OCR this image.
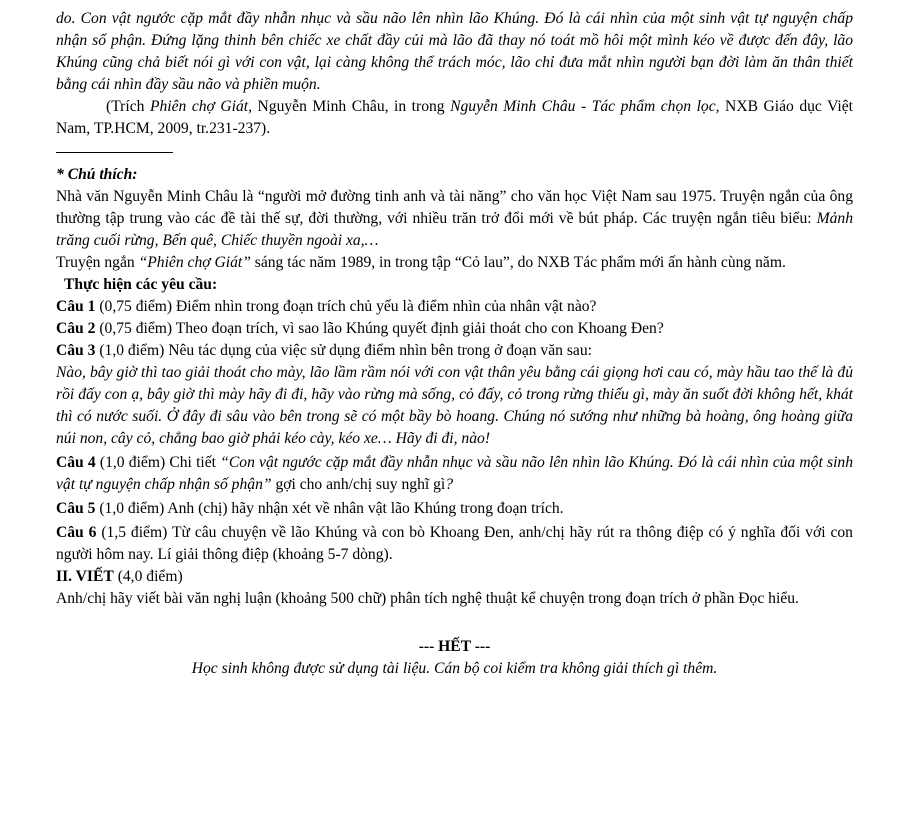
do. Con vật ngước cặp mắt đầy nhẫn nhục và sầu não lên nhìn lão Khúng. Đó là cái nhìn của một sinh vật tự nguyện chấp nhận số phận. Đứng lặng thinh bên chiếc xe chất đầy củi mà lão đã thay nó toát mồ hôi một mình kéo về được đến đây, lão Khúng cũng chả biết nói gì với con vật, lại càng không thể trách móc, lão chỉ đưa mắt nhìn người bạn đời làm ăn thân thiết bằng cái nhìn đầy sầu não và phiền muộn.

(Trích Phiên chợ Giát, Nguyễn Minh Châu, in trong Nguyễn Minh Châu - Tác phẩm chọn lọc, NXB Giáo dục Việt Nam, TP.HCM, 2009, tr.231-237).

* Chú thích:

Nhà văn Nguyễn Minh Châu là “người mở đường tinh anh và tài năng” cho văn học Việt Nam sau 1975. Truyện ngắn của ông thường tập trung vào các đề tài thế sự, đời thường, với nhiều trăn trở đổi mới về bút pháp. Các truyện ngắn tiêu biểu: Mảnh trăng cuối rừng, Bến quê, Chiếc thuyền ngoài xa,…

Truyện ngắn “Phiên chợ Giát” sáng tác năm 1989, in trong tập “Cỏ lau”, do NXB Tác phẩm mới ấn hành cùng năm.

Thực hiện các yêu cầu:

Câu 1 (0,75 điểm) Điểm nhìn trong đoạn trích chủ yếu là điểm nhìn của nhân vật nào?

Câu 2 (0,75 điểm) Theo đoạn trích, vì sao lão Khúng quyết định giải thoát cho con Khoang Đen?

Câu 3 (1,0 điểm) Nêu tác dụng của việc sử dụng điểm nhìn bên trong ở đoạn văn sau:

Nào, bây giờ thì tao giải thoát cho mày, lão lầm rầm nói với con vật thân yêu bằng cái giọng hơi cau có, mày hầu tao thế là đủ rồi đấy con ạ, bây giờ thì mày hãy đi đi, hãy vào rừng mà sống, cỏ đấy, cỏ trong rừng thiếu gì, mày ăn suốt đời không hết, khát thì có nước suối. Ở đây đi sâu vào bên trong sẽ có một bầy bò hoang. Chúng nó sướng như những bà hoàng, ông hoàng giữa núi non, cây cỏ, chẳng bao giờ phải kéo cày, kéo xe… Hãy đi đi, nào!

Câu 4 (1,0 điểm) Chi tiết “Con vật ngước cặp mắt đầy nhẫn nhục và sầu não lên nhìn lão Khúng. Đó là cái nhìn của một sinh vật tự nguyện chấp nhận số phận” gợi cho anh/chị suy nghĩ gì?

Câu 5 (1,0 điểm) Anh (chị) hãy nhận xét về nhân vật lão Khúng trong đoạn trích.

Câu 6 (1,5 điểm) Từ câu chuyện về lão Khúng và con bò Khoang Đen, anh/chị hãy rút ra thông điệp có ý nghĩa đối với con người hôm nay. Lí giải thông điệp (khoảng 5-7 dòng).

II. VIẾT (4,0 điểm)

Anh/chị hãy viết bài văn nghị luận (khoảng 500 chữ) phân tích nghệ thuật kể chuyện trong đoạn trích ở phần Đọc hiểu.

--- HẾT ---

Học sinh không được sử dụng tài liệu. Cán bộ coi kiểm tra không giải thích gì thêm.
